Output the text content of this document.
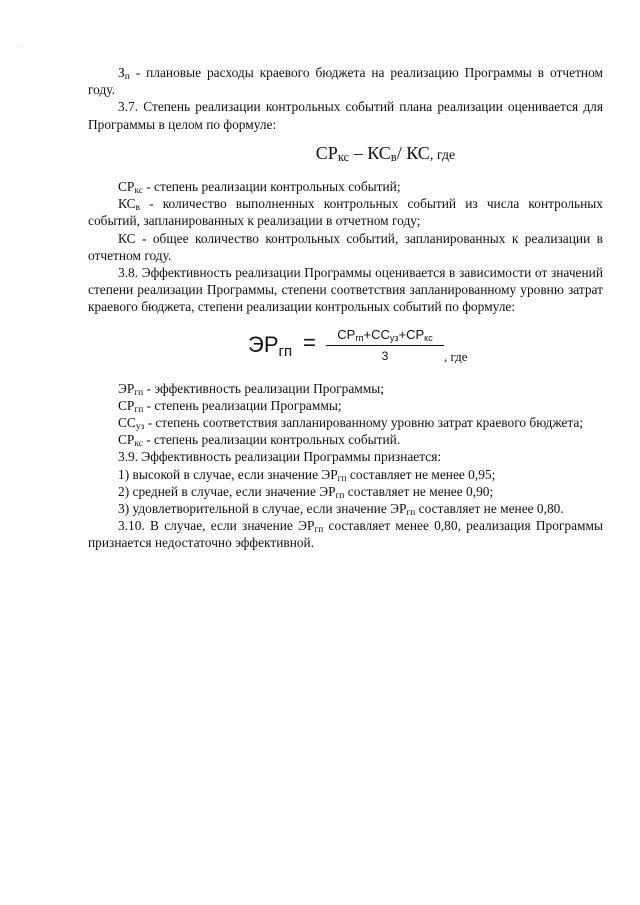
· ·

$З_п$ - плановые расходы краевого бюджета на реализацию Программы в отчетном году.

3.7. Степень реализации контрольных событий плана реализации оценивается для Программы в целом по формуле:

$СР_{кс} - КС_в/$ КС, где

$СР_{кс}$ - степень реализации контрольных событий;

$КС_в$ - количество выполненных контрольных событий из числа контрольных событий, запланированных к реализации в отчетном году;

КС - общее количество контрольных событий, запланированных к реализации в отчетном году.

3.8. Эффективность реализации Программы оценивается в зависимости от значений степени реализации Программы, степени соответствия запланированному уровню затрат краевого бюджета, степени реализации контрольных событий по формуле:

$ЭР_{гп}$ =	$СР_{гп}+СС_{уз}+СР_{кс}$
3	, где

$ЭР_{гп}$ - эффективность реализации Программы;

$СР_{гп}$ - степень реализации Программы;

$СС_{уз}$ - степень соответствия запланированному уровню затрат краевого бюджета;

$СР_{кс}$ - степень реализации контрольных событий.

3.9. Эффективность реализации Программы признается:

1) высокой в случае, если значение $ЭР_{гп}$ составляет не менее 0,95;

2) средней в случае, если значение $ЭР_{гп}$ составляет не менее 0,90;

3) удовлетворительной в случае, если значение $ЭР_{гп}$ составляет не менее 0,80.

3.10. В случае, если значение $ЭР_{гп}$ составляет менее 0,80, реализация Программы признается недостаточно эффективной.
